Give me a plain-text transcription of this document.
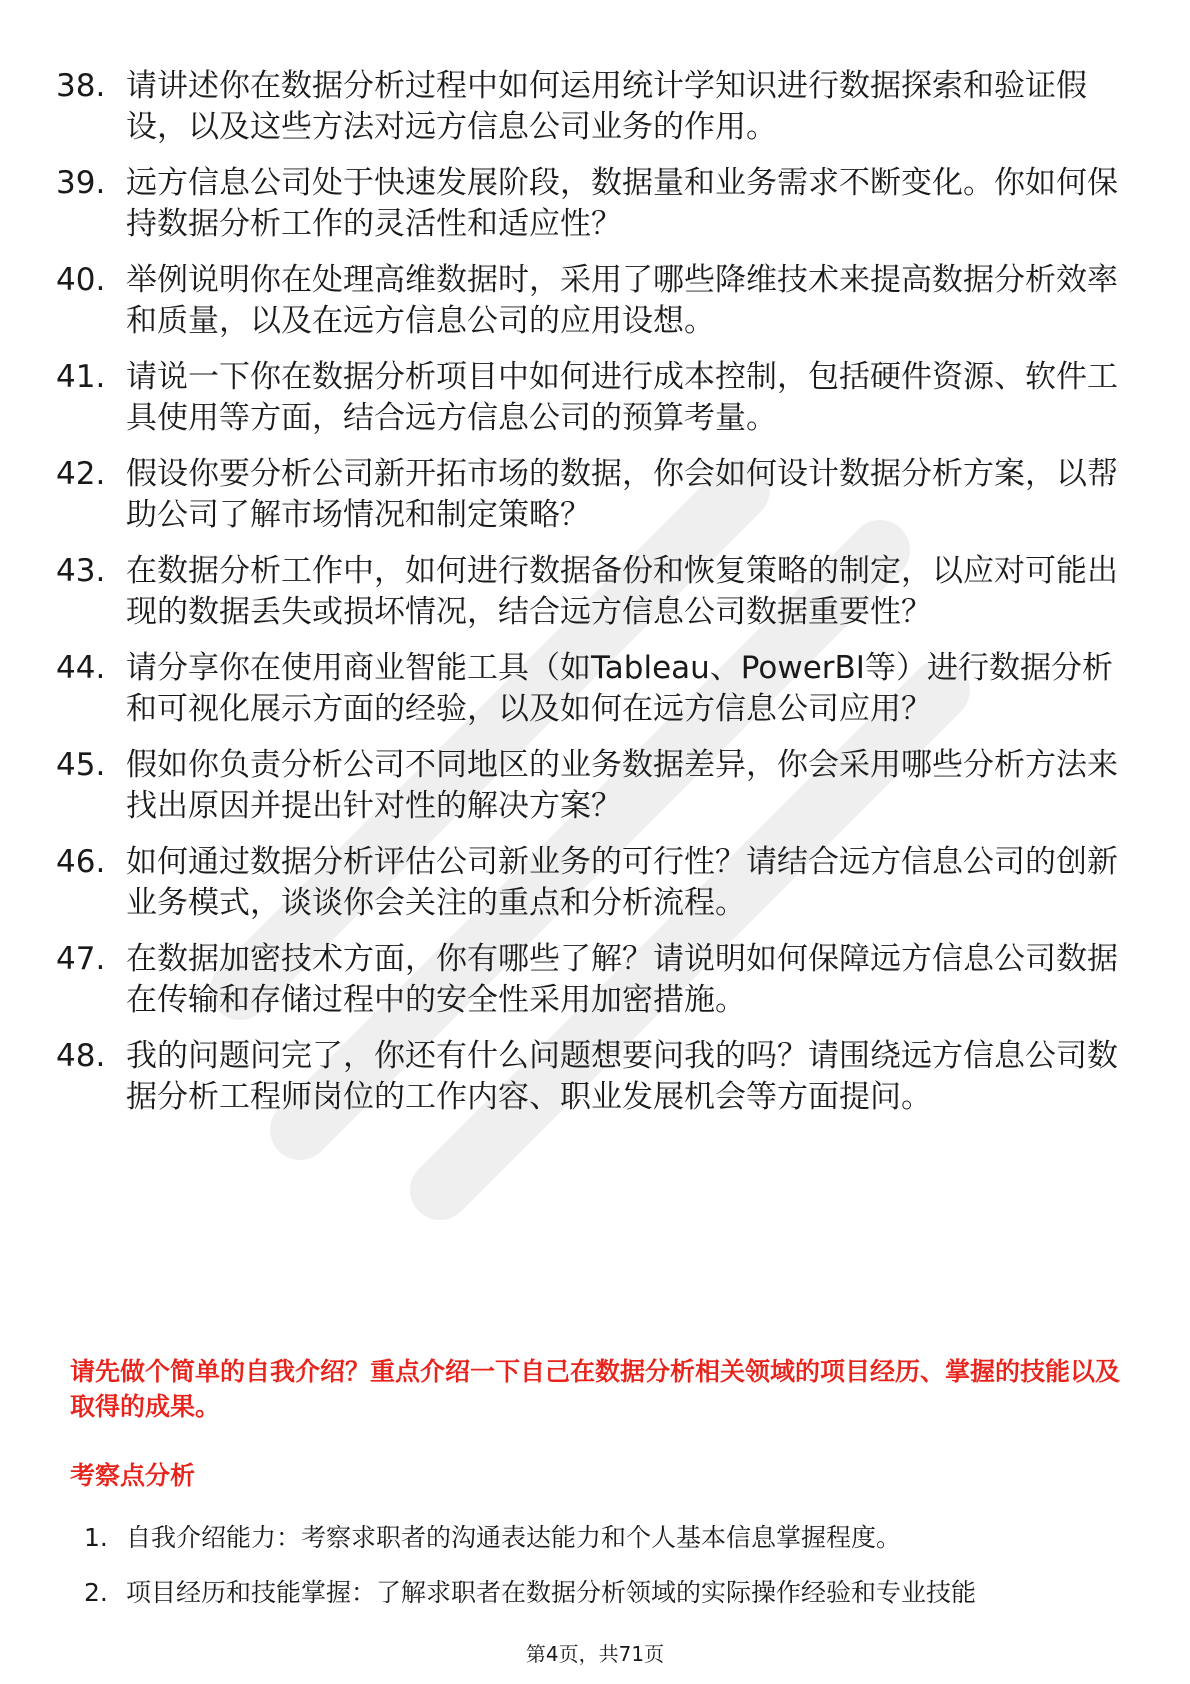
38. 请讲述你在数据分析过程中如何运用统计学知识进行数据探索和验证假设，以及这些方法对远方信息公司业务的作用。
39. 远方信息公司处于快速发展阶段，数据量和业务需求不断变化。你如何保持数据分析工作的灵活性和适应性？
40. 举例说明你在处理高维数据时，采用了哪些降维技术来提高数据分析效率和质量，以及在远方信息公司的应用设想。
41. 请说一下你在数据分析项目中如何进行成本控制，包括硬件资源、软件工具使用等方面，结合远方信息公司的预算考量。
42. 假设你要分析公司新开拓市场的数据，你会如何设计数据分析方案，以帮助公司了解市场情况和制定策略？
43. 在数据分析工作中，如何进行数据备份和恢复策略的制定，以应对可能出现的数据丢失或损坏情况，结合远方信息公司数据重要性？
44. 请分享你在使用商业智能工具（如Tableau、PowerBI等）进行数据分析和可视化展示方面的经验，以及如何在远方信息公司应用？
45. 假如你负责分析公司不同地区的业务数据差异，你会采用哪些分析方法来找出原因并提出针对性的解决方案？
46. 如何通过数据分析评估公司新业务的可行性？请结合远方信息公司的创新业务模式，谈谈你会关注的重点和分析流程。
47. 在数据加密技术方面，你有哪些了解？请说明如何保障远方信息公司数据在传输和存储过程中的安全性采用加密措施。
48. 我的问题问完了，你还有什么问题想要问我的吗？请围绕远方信息公司数据分析工程师岗位的工作内容、职业发展机会等方面提问。

请先做个简单的自我介绍？重点介绍一下自己在数据分析相关领域的项目经历、掌握的技能以及取得的成果。

考察点分析
1. 自我介绍能力：考察求职者的沟通表达能力和个人基本信息掌握程度。
2. 项目经历和技能掌握：了解求职者在数据分析领域的实际操作经验和专业技能
第4页，共71页
